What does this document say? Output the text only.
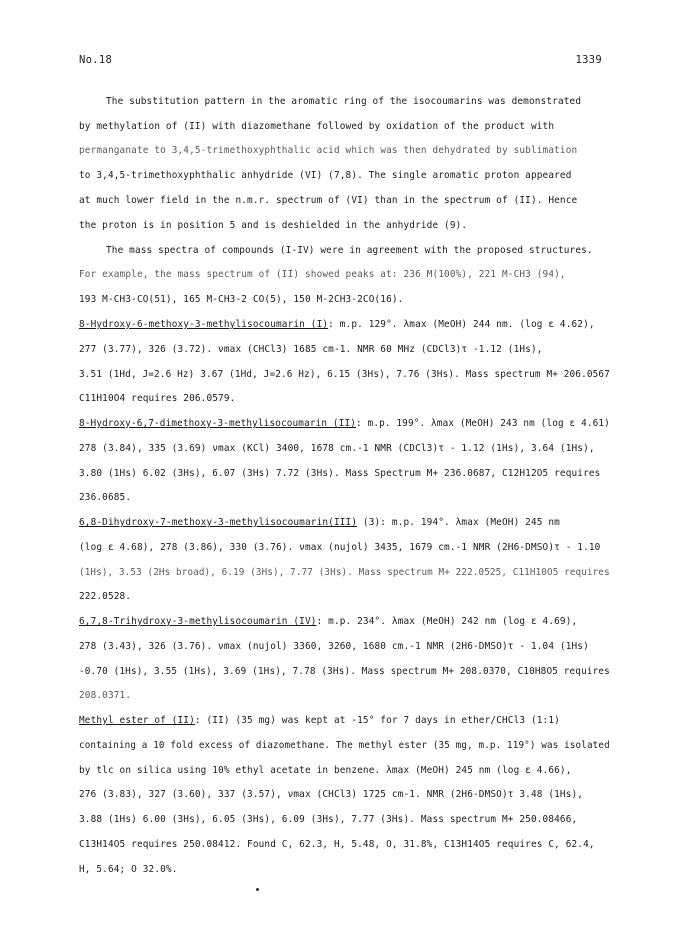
No.18	1339
The substitution pattern in the aromatic ring of the isocoumarins was demonstrated
by methylation of (II) with diazomethane followed by oxidation of the product with
permanganate to 3,4,5-trimethoxyphthalic acid which was then dehydrated by sublimation
to 3,4,5-trimethoxyphthalic anhydride (VI) (7,8). The single aromatic proton appeared
at much lower field in the n.m.r. spectrum of (VI) than in the spectrum of (II). Hence
the proton is in position 5 and is deshielded in the anhydride (9).
The mass spectra of compounds (I-IV) were in agreement with the proposed structures.
For example, the mass spectrum of (II) showed peaks at: 236 M(100%), 221 M-CH3 (94),
193 M-CH3-CO(51), 165 M-CH3-2 CO(5), 150 M-2CH3-2CO(16).
8-Hydroxy-6-methoxy-3-methylisocoumarin (I): m.p. 129°. λmax (MeOH) 244 nm. (log ε 4.62),
277 (3.77), 326 (3.72). νmax (CHCl3) 1685 cm-1. NMR 60 MHz (CDCl3)τ -1.12 (1Hs),
3.51 (1Hd, J=2.6 Hz) 3.67 (1Hd, J=2.6 Hz), 6.15 (3Hs), 7.76 (3Hs). Mass spectrum M+ 206.0567
C11H10O4 requires 206.0579.
8-Hydroxy-6,7-dimethoxy-3-methylisocoumarin (II): m.p. 199°. λmax (MeOH) 243 nm (log ε 4.61)
278 (3.84), 335 (3.69) νmax (KCl) 3400, 1678 cm.-1 NMR (CDCl3)τ - 1.12 (1Hs), 3.64 (1Hs),
3.80 (1Hs) 6.02 (3Hs), 6.07 (3Hs) 7.72 (3Hs). Mass Spectrum M+ 236.0687, C12H12O5 requires
236.0685.
6,8-Dihydroxy-7-methoxy-3-methylisocoumarin(III) (3): m.p. 194°. λmax (MeOH) 245 nm
(log ε 4.68), 278 (3.86), 330 (3.76). νmax (nujol) 3435, 1679 cm.-1 NMR (2H6-DMSO)τ - 1.10
(1Hs), 3.53 (2Hs broad), 6.19 (3Hs), 7.77 (3Hs). Mass spectrum M+ 222.0525, C11H10O5 requires
222.0528.
6,7,8-Trihydroxy-3-methylisocoumarin (IV): m.p. 234°. λmax (MeOH) 242 nm (log ε 4.69),
278 (3.43), 326 (3.76). νmax (nujol) 3360, 3260, 1680 cm.-1 NMR (2H6-DMSO)τ - 1.04 (1Hs)
-0.70 (1Hs), 3.55 (1Hs), 3.69 (1Hs), 7.78 (3Hs). Mass spectrum M+ 208.0370, C10H8O5 requires
208.0371.
Methyl ester of (II): (II) (35 mg) was kept at -15° for 7 days in ether/CHCl3 (1:1)
containing a 10 fold excess of diazomethane. The methyl ester (35 mg, m.p. 119°) was isolated
by tlc on silica using 10% ethyl acetate in benzene. λmax (MeOH) 245 nm (log ε 4.66),
276 (3.83), 327 (3.60), 337 (3.57), νmax (CHCl3) 1725 cm-1. NMR (2H6-DMSO)τ 3.48 (1Hs),
3.88 (1Hs) 6.00 (3Hs), 6.05 (3Hs), 6.09 (3Hs), 7.77 (3Hs). Mass spectrum M+ 250.08466,
C13H14O5 requires 250.08412. Found C, 62.3, H, 5.48, O, 31.8%, C13H14O5 requires C, 62.4,
H, 5.64; O 32.0%.
